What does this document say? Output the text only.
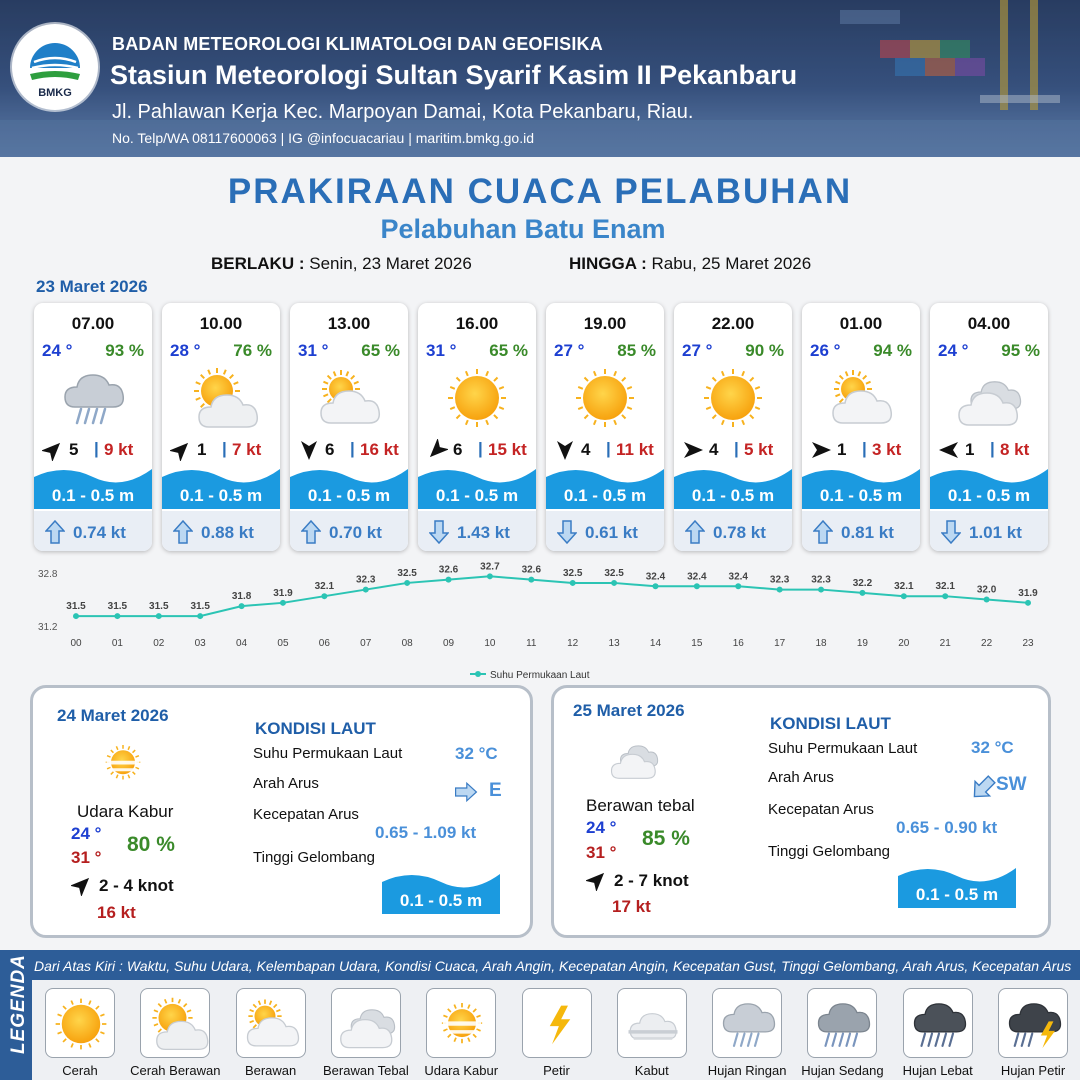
BMKG
BADAN METEOROLOGI KLIMATOLOGI DAN GEOFISIKA
Stasiun Meteorologi Sultan Syarif Kasim II Pekanbaru
Jl. Pahlawan Kerja Kec. Marpoyan Damai, Kota Pekanbaru, Riau.
No. Telp/WA 08117600063 | IG @infocuacariau | maritim.bmkg.go.id
PRAKIRAAN CUACA PELABUHAN
Pelabuhan Batu Enam
BERLAKU : Senin, 23 Maret 2026	HINGGA : Rabu, 25 Maret 2026
23 Maret 2026
07.00
24 ° 93 %
5 | 9 kt
0.1 - 0.5 m
0.74 kt
10.00
28 ° 76 %
1 | 7 kt
0.1 - 0.5 m
0.88 kt
13.00
31 ° 65 %
6 | 16 kt
0.1 - 0.5 m
0.70 kt
16.00
31 ° 65 %
6 | 15 kt
0.1 - 0.5 m
1.43 kt
19.00
27 ° 85 %
4 | 11 kt
0.1 - 0.5 m
0.61 kt
22.00
27 ° 90 %
4 | 5 kt
0.1 - 0.5 m
0.78 kt
01.00
26 ° 94 %
1 | 3 kt
0.1 - 0.5 m
0.81 kt
04.00
24 ° 95 %
1 | 8 kt
0.1 - 0.5 m
1.01 kt
32.8
31.2
31.5
00
31.5
01
31.5
02
31.5
03
31.8
04
31.9
05
32.1
06
32.3
07
32.5
08
32.6
09
32.7
10
32.6
11
32.5
12
32.5
13
32.4
14
32.4
15
32.4
16
32.3
17
32.3
18
32.2
19
32.1
20
32.1
21
32.0
22
31.9
23
Suhu Permukaan Laut
24 Maret 2026
Udara Kabur
24 °
31 °
80 %
2 - 4 knot
16 kt
KONDISI LAUT
Suhu Permukaan Laut	32 °C
Arah Arus	E
Kecepatan Arus
0.65 - 1.09 kt
Tinggi Gelombang
0.1 - 0.5 m
25 Maret 2026
Berawan tebal
24 °
31 °
85 %
2 - 7 knot
17 kt
KONDISI LAUT
Suhu Permukaan Laut	32 °C
Arah Arus	SW
Kecepatan Arus
0.65 - 0.90 kt
Tinggi Gelombang
0.1 - 0.5 m
LEGENDA Dari Atas Kiri : Waktu, Suhu Udara, Kelembapan Udara, Kondisi Cuaca, Arah Angin, Kecepatan Angin, Kecepatan Gust, Tinggi Gelombang, Arah Arus, Kecepatan Arus
Cerah	Cerah Berawan	Berawan	Berawan Tebal	Udara Kabur	Petir	Kabut	Hujan Ringan	Hujan Sedang	Hujan Lebat	Hujan Petir
